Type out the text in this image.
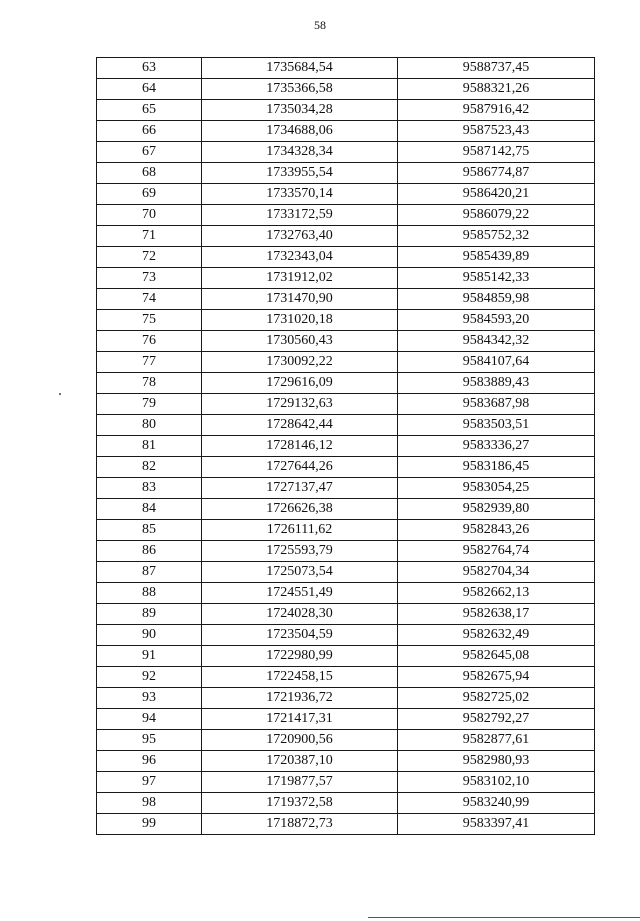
58
63	1735684,54	9588737,45
64	1735366,58	9588321,26
65	1735034,28	9587916,42
66	1734688,06	9587523,43
67	1734328,34	9587142,75
68	1733955,54	9586774,87
69	1733570,14	9586420,21
70	1733172,59	9586079,22
71	1732763,40	9585752,32
72	1732343,04	9585439,89
73	1731912,02	9585142,33
74	1731470,90	9584859,98
75	1731020,18	9584593,20
76	1730560,43	9584342,32
77	1730092,22	9584107,64
78	1729616,09	9583889,43
79	1729132,63	9583687,98
80	1728642,44	9583503,51
81	1728146,12	9583336,27
82	1727644,26	9583186,45
83	1727137,47	9583054,25
84	1726626,38	9582939,80
85	1726111,62	9582843,26
86	1725593,79	9582764,74
87	1725073,54	9582704,34
88	1724551,49	9582662,13
89	1724028,30	9582638,17
90	1723504,59	9582632,49
91	1722980,99	9582645,08
92	1722458,15	9582675,94
93	1721936,72	9582725,02
94	1721417,31	9582792,27
95	1720900,56	9582877,61
96	1720387,10	9582980,93
97	1719877,57	9583102,10
98	1719372,58	9583240,99
99	1718872,73	9583397,41
